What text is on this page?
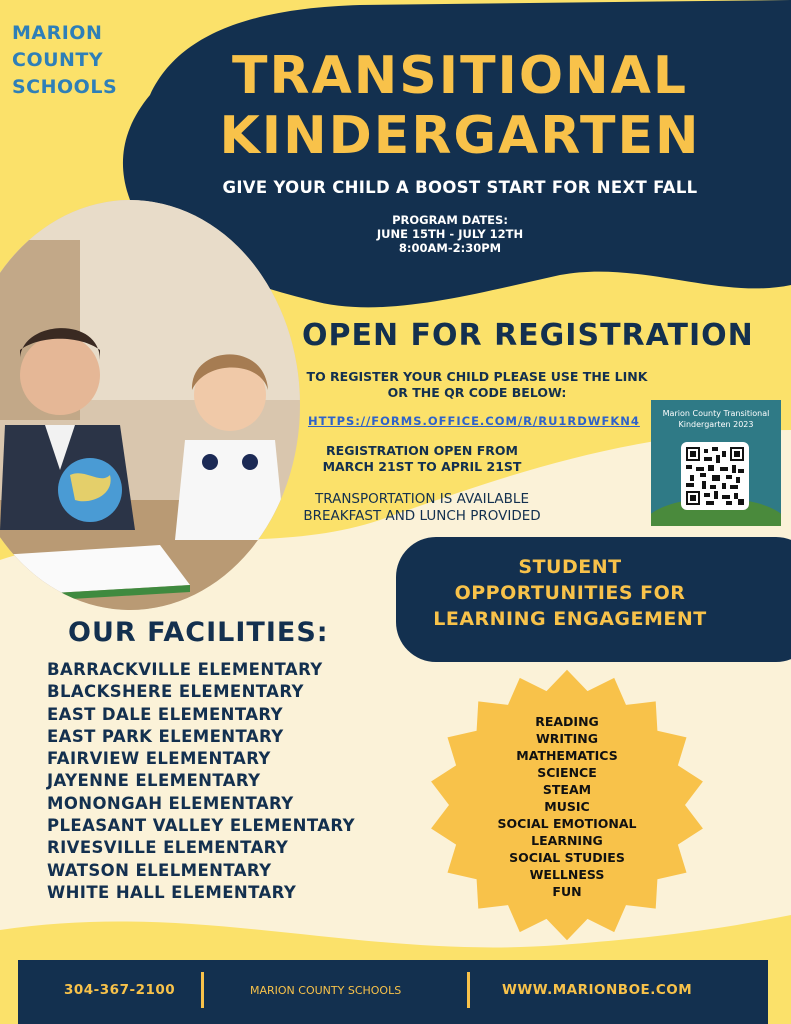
MARION
COUNTY
SCHOOLS	TRANSITIONAL
KINDERGARTEN
GIVE YOUR CHILD A BOOST START FOR NEXT FALL
PROGRAM DATES:
JUNE 15TH - JULY 12TH
8:00AM-2:30PM
OPEN FOR REGISTRATION
TO REGISTER YOUR CHILD PLEASE USE THE LINK
OR THE QR CODE BELOW:
HTTPS://FORMS.OFFICE.COM/R/RU1RDWFKN4
REGISTRATION OPEN FROM
MARCH 21ST TO APRIL 21ST
TRANSPORTATION IS AVAILABLE
BREAKFAST AND LUNCH PROVIDED
Marion County Transitional
Kindergarten 2023
STUDENT
OPPORTUNITIES FOR
LEARNING ENGAGEMENT
OUR FACILITIES:
BARRACKVILLE ELEMENTARY
BLACKSHERE ELEMENTARY
EAST DALE ELEMENTARY
EAST PARK ELEMENTARY
FAIRVIEW ELEMENTARY
JAYENNE ELEMENTARY
MONONGAH ELEMENTARY
PLEASANT VALLEY ELEMENTARY
RIVESVILLE ELEMENTARY
WATSON ELELMENTARY
WHITE HALL ELEMENTARY
READING
WRITING
MATHEMATICS
SCIENCE
STEAM
MUSIC
SOCIAL EMOTIONAL
LEARNING
SOCIAL STUDIES
WELLNESS
FUN
304-367-2100	MARION COUNTY SCHOOLS	WWW.MARIONBOE.COM
